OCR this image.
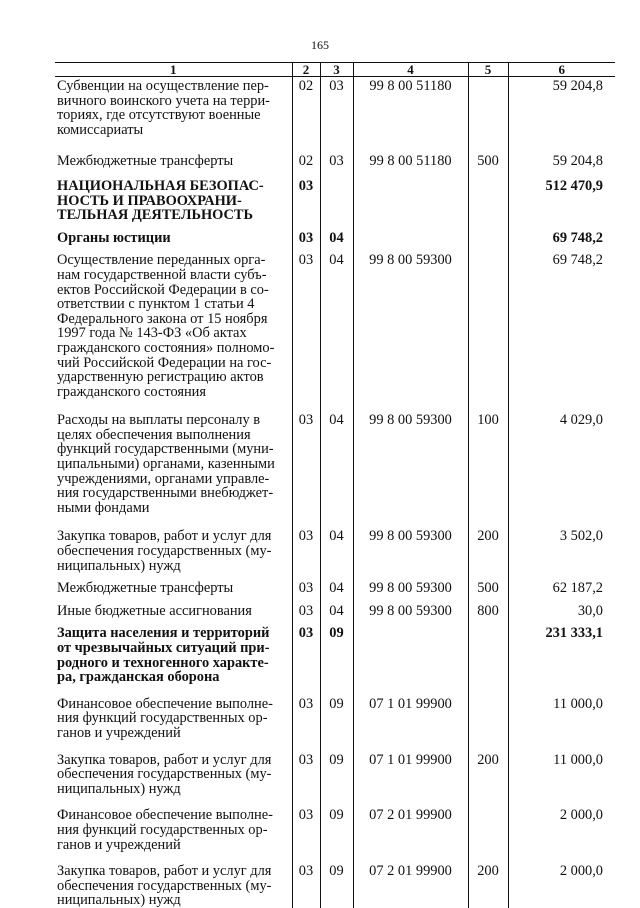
165
1	2	3	4	5	6
Субвенции на осуществление пер-вичного воинского учета на терри-ториях, где отсутствуют военные комиссариаты	02	03	99 8 00 51180		59 204,8
Межбюджетные трансферты	02	03	99 8 00 51180	500	59 204,8
НАЦИОНАЛЬНАЯ БЕЗОПАС-НОСТЬ И ПРАВООХРАНИ-ТЕЛЬНАЯ ДЕЯТЕЛЬНОСТЬ	03				512 470,9
Органы юстиции	03	04			69 748,2
Осуществление переданных орга-нам государственной власти субъ-ектов Российской Федерации в со-ответствии с пунктом 1 статьи 4 Федерального закона от 15 ноября 1997 года № 143-ФЗ «Об актах гражданского состояния» полномо-чий Российской Федерации на гос-ударственную регистрацию актов гражданского состояния	03	04	99 8 00 59300		69 748,2
Расходы на выплаты персоналу в целях обеспечения выполнения функций государственными (муни-ципальными) органами, казенными учреждениями, органами управле-ния государственными внебюджет-ными фондами	03	04	99 8 00 59300	100	4 029,0
Закупка товаров, работ и услуг для обеспечения государственных (му-ниципальных) нужд	03	04	99 8 00 59300	200	3 502,0
Межбюджетные трансферты	03	04	99 8 00 59300	500	62 187,2
Иные бюджетные ассигнования	03	04	99 8 00 59300	800	30,0
Защита населения и территорий от чрезвычайных ситуаций при-родного и техногенного характе-ра, гражданская оборона	03	09			231 333,1
Финансовое обеспечение выполне-ния функций государственных ор-ганов и учреждений	03	09	07 1 01 99900		11 000,0
Закупка товаров, работ и услуг для обеспечения государственных (му-ниципальных) нужд	03	09	07 1 01 99900	200	11 000,0
Финансовое обеспечение выполне-ния функций государственных ор-ганов и учреждений	03	09	07 2 01 99900		2 000,0
Закупка товаров, работ и услуг для обеспечения государственных (му-ниципальных) нужд	03	09	07 2 01 99900	200	2 000,0
